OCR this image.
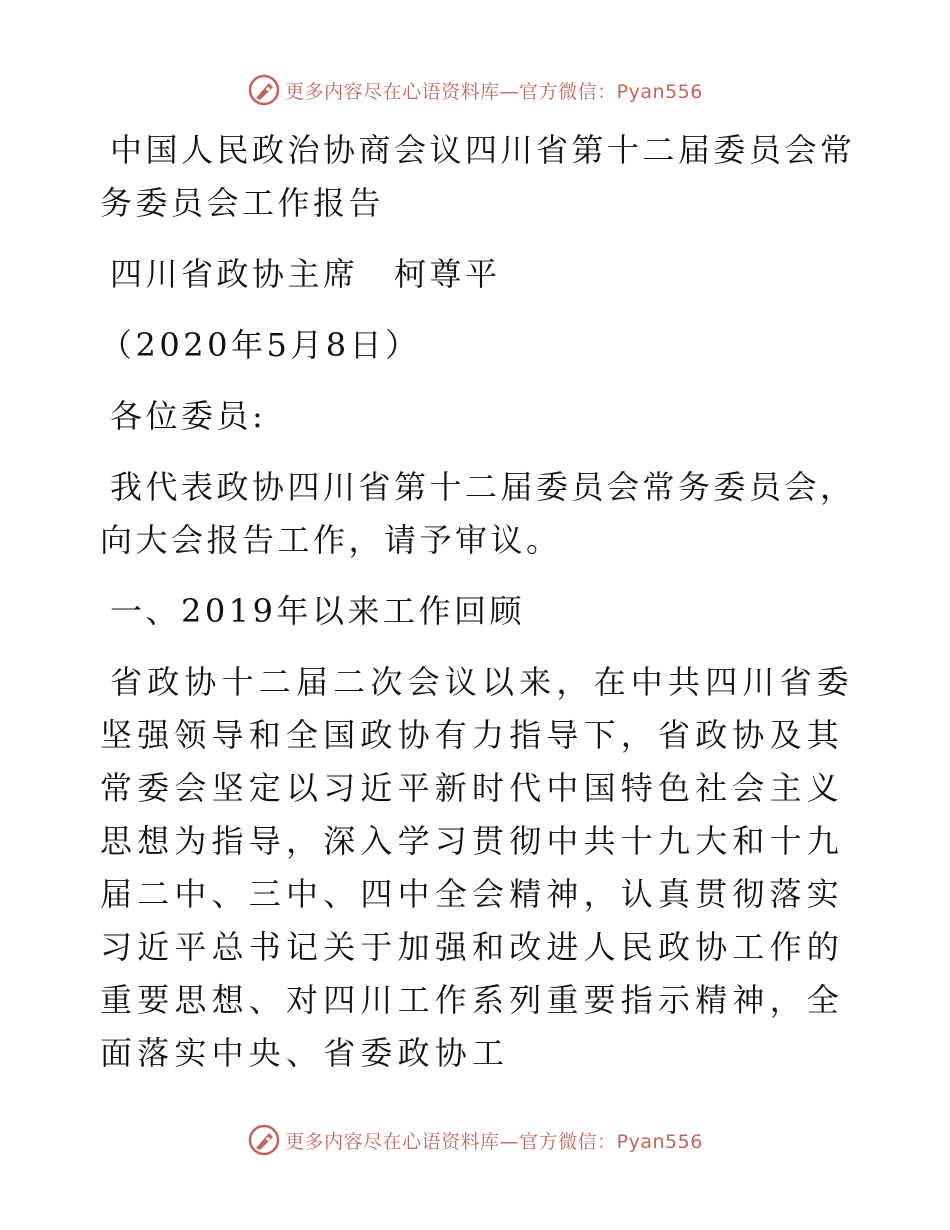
更多内容尽在心语资料库—官方微信：Pyan556

中国人民政治协商会议四川省第十二届委员会常务委员会工作报告

四川省政协主席　柯尊平

（2020年5月8日）

各位委员:

我代表政协四川省第十二届委员会常务委员会，向大会报告工作，请予审议。

一、2019年以来工作回顾

省政协十二届二次会议以来，在中共四川省委坚强领导和全国政协有力指导下，省政协及其常委会坚定以习近平新时代中国特色社会主义思想为指导，深入学习贯彻中共十九大和十九届二中、三中、四中全会精神，认真贯彻落实习近平总书记关于加强和改进人民政协工作的重要思想、对四川工作系列重要指示精神，全面落实中央、省委政协工

更多内容尽在心语资料库—官方微信：Pyan556
